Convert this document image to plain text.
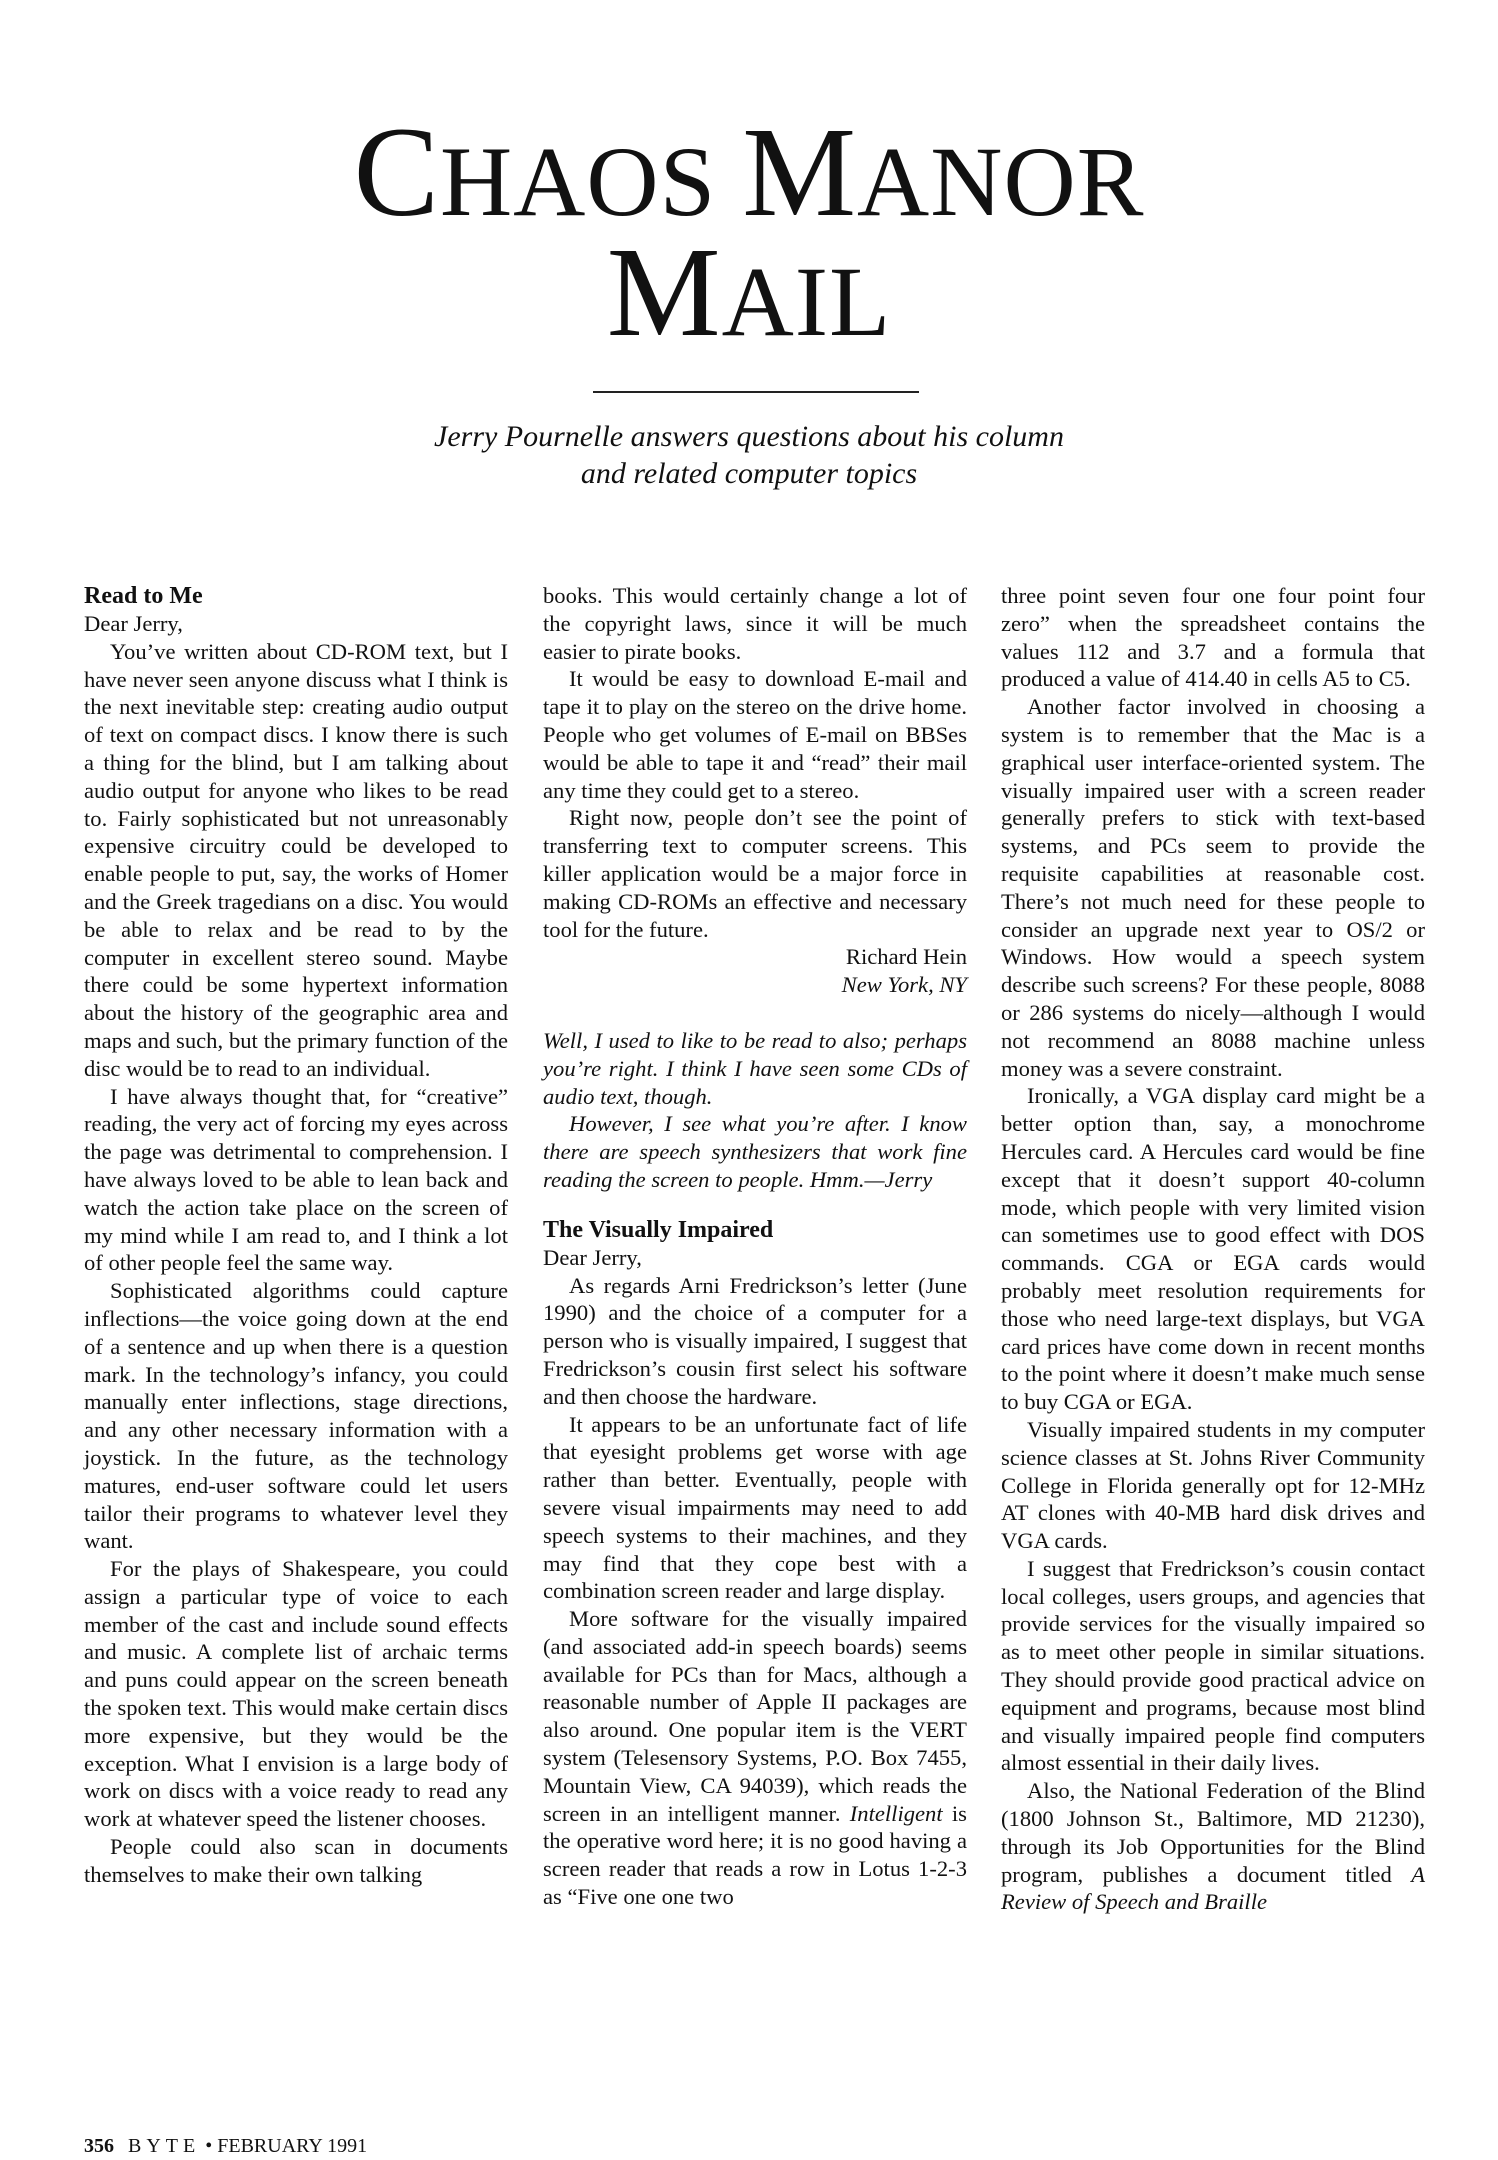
CHAOS MANOR
MAIL
Jerry Pournelle answers questions about his column
and related computer topics
Read to Me

Dear Jerry,

You’ve written about CD-ROM text, but I have never seen anyone discuss what I think is the next inevitable step: creating audio output of text on compact discs. I know there is such a thing for the blind, but I am talking about audio output for anyone who likes to be read to. Fairly sophisticated but not unreasonably expensive circuitry could be developed to enable people to put, say, the works of Homer and the Greek tragedians on a disc. You would be able to relax and be read to by the computer in excellent stereo sound. Maybe there could be some hypertext information about the history of the geographic area and maps and such, but the primary function of the disc would be to read to an individual.

I have always thought that, for “creative” reading, the very act of forcing my eyes across the page was detrimental to comprehension. I have always loved to be able to lean back and watch the action take place on the screen of my mind while I am read to, and I think a lot of other people feel the same way.

Sophisticated algorithms could capture inflections—the voice going down at the end of a sentence and up when there is a question mark. In the technology’s infancy, you could manually enter inflections, stage directions, and any other necessary information with a joystick. In the future, as the technology matures, end-user software could let users tailor their programs to whatever level they want.

For the plays of Shakespeare, you could assign a particular type of voice to each member of the cast and include sound effects and music. A complete list of archaic terms and puns could appear on the screen beneath the spoken text. This would make certain discs more expensive, but they would be the exception. What I envision is a large body of work on discs with a voice ready to read any work at whatever speed the listener chooses.

People could also scan in documents themselves to make their own talking

books. This would certainly change a lot of the copyright laws, since it will be much easier to pirate books.

It would be easy to download E-mail and tape it to play on the stereo on the drive home. People who get volumes of E-mail on BBSes would be able to tape it and “read” their mail any time they could get to a stereo.

Right now, people don’t see the point of transferring text to computer screens. This killer application would be a major force in making CD-ROMs an effective and necessary tool for the future.

Richard Hein
New York, NY

Well, I used to like to be read to also; perhaps you’re right. I think I have seen some CDs of audio text, though.

However, I see what you’re after. I know there are speech synthesizers that work fine reading the screen to people. Hmm.—Jerry

The Visually Impaired

Dear Jerry,

As regards Arni Fredrickson’s letter (June 1990) and the choice of a computer for a person who is visually impaired, I suggest that Fredrickson’s cousin first select his software and then choose the hardware.

It appears to be an unfortunate fact of life that eyesight problems get worse with age rather than better. Eventually, people with severe visual impairments may need to add speech systems to their machines, and they may find that they cope best with a combination screen reader and large display.

More software for the visually impaired (and associated add-in speech boards) seems available for PCs than for Macs, although a reasonable number of Apple II packages are also around. One popular item is the VERT system (Telesensory Systems, P.O. Box 7455, Mountain View, CA 94039), which reads the screen in an intelligent manner. Intelligent is the operative word here; it is no good having a screen reader that reads a row in Lotus 1-2-3 as “Five one one two

three point seven four one four point four zero” when the spreadsheet contains the values 112 and 3.7 and a formula that produced a value of 414.40 in cells A5 to C5.

Another factor involved in choosing a system is to remember that the Mac is a graphical user interface-oriented system. The visually impaired user with a screen reader generally prefers to stick with text-based systems, and PCs seem to provide the requisite capabilities at reasonable cost. There’s not much need for these people to consider an upgrade next year to OS/2 or Windows. How would a speech system describe such screens? For these people, 8088 or 286 systems do nicely—although I would not recommend an 8088 machine unless money was a severe constraint.

Ironically, a VGA display card might be a better option than, say, a monochrome Hercules card. A Hercules card would be fine except that it doesn’t support 40-column mode, which people with very limited vision can sometimes use to good effect with DOS commands. CGA or EGA cards would probably meet resolution requirements for those who need large-text displays, but VGA card prices have come down in recent months to the point where it doesn’t make much sense to buy CGA or EGA.

Visually impaired students in my computer science classes at St. Johns River Community College in Florida generally opt for 12-MHz AT clones with 40-MB hard disk drives and VGA cards.

I suggest that Fredrickson’s cousin contact local colleges, users groups, and agencies that provide services for the visually impaired so as to meet other people in similar situations. They should provide good practical advice on equipment and programs, because most blind and visually impaired people find computers almost essential in their daily lives.

Also, the National Federation of the Blind (1800 Johnson St., Baltimore, MD 21230), through its Job Opportunities for the Blind program, publishes a document titled A Review of Speech and Braille

356 BYTE • FEBRUARY 1991
